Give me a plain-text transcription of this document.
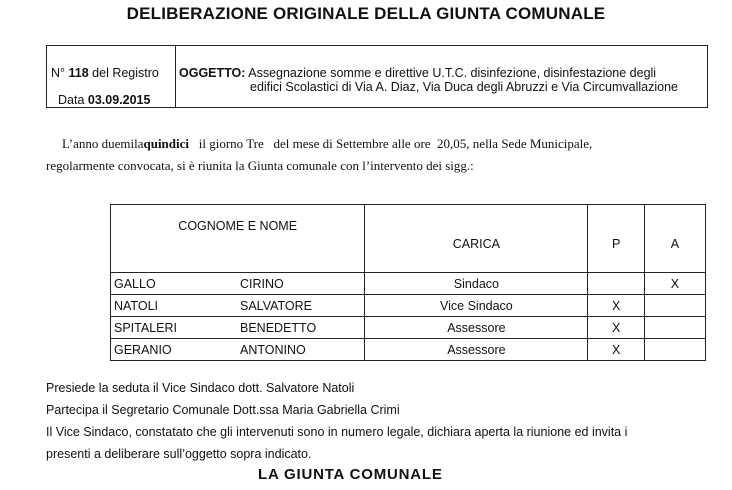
DELIBERAZIONE ORIGINALE DELLA GIUNTA COMUNALE
N° 118 del Registro
Data 03.09.2015
OGGETTO: Assegnazione somme e direttive U.T.C. disinfezione, disinfestazione degli
edifici Scolastici di Via A. Diaz, Via Duca degli Abruzzi e Via Circumvallazione
L’anno duemilaquindici   il giorno Tre   del mese di Settembre alle ore  20,05, nella Sede Municipale,
regolarmente convocata, si è riunita la Giunta comunale con l’intervento dei sigg.:
COGNOME E NOME	CARICA	P	A
GALLO CIRINO	Sindaco		X
NATOLI SALVATORE	Vice Sindaco	X	
SPITALERI BENEDETTO	Assessore	X	
GERANIO ANTONINO	Assessore	X	
Presiede la seduta il Vice Sindaco dott. Salvatore Natoli
Partecipa il Segretario Comunale Dott.ssa Maria Gabriella Crimi
Il Vice Sindaco, constatato che gli intervenuti sono in numero legale, dichiara aperta la riunione ed invita i
presenti a deliberare sull’oggetto sopra indicato.
LA GIUNTA COMUNALE
